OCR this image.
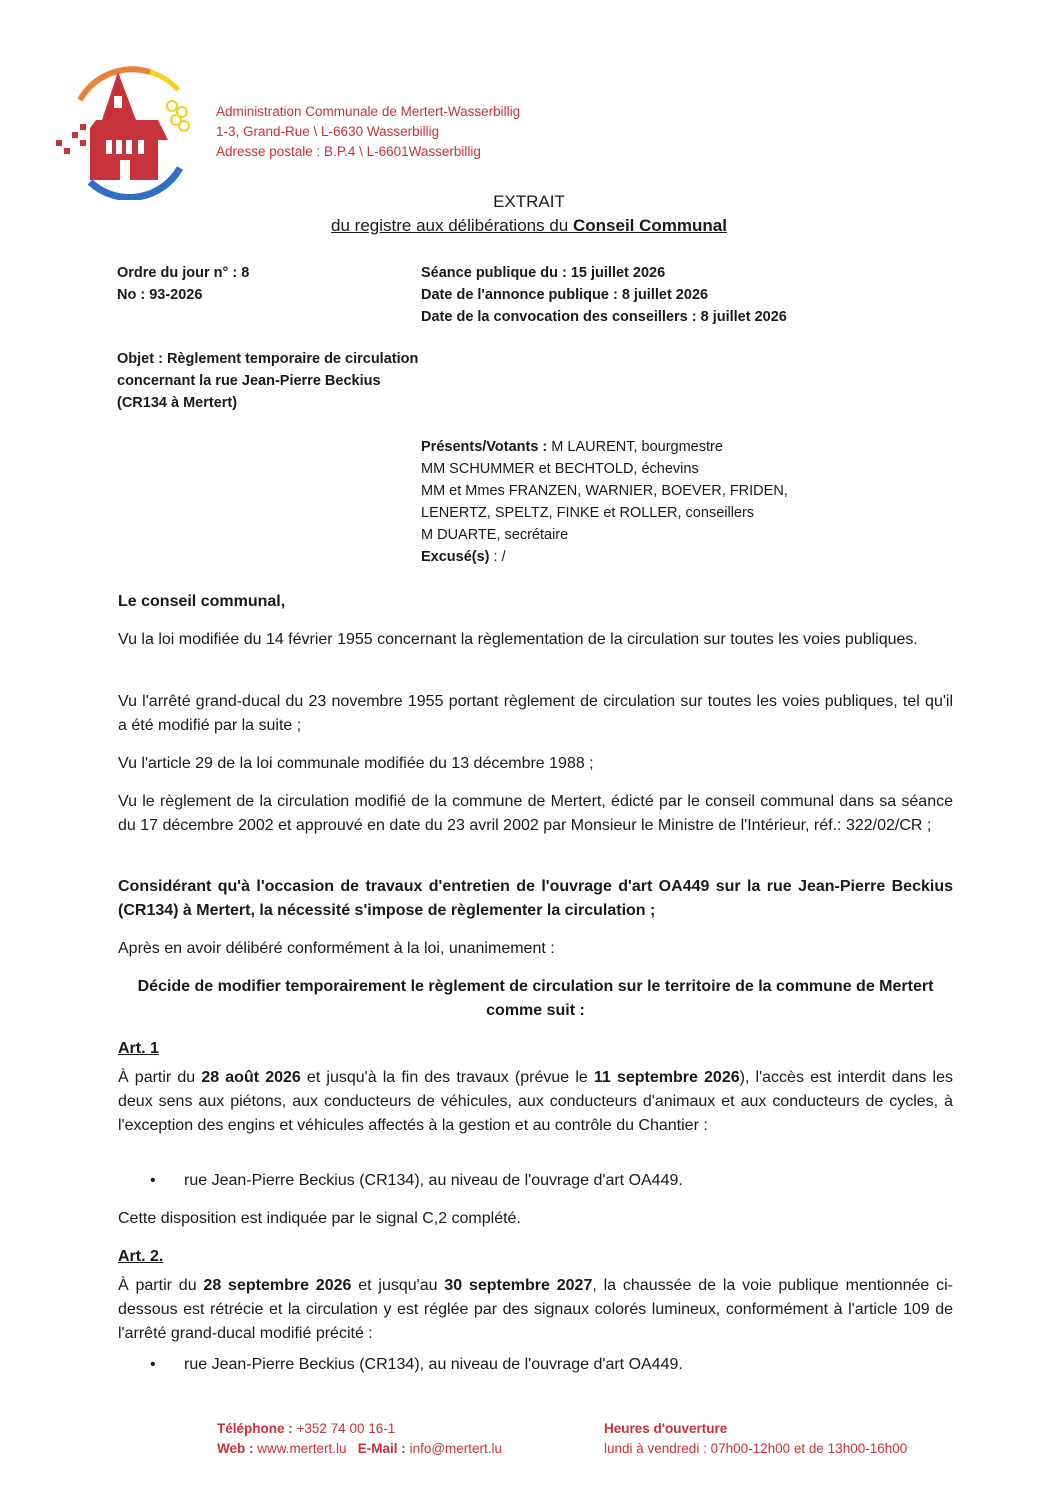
Administration Communale de Mertert-Wasserbillig
1-3, Grand-Rue \ L-6630 Wasserbillig
Adresse postale : B.P.4 \ L-6601Wasserbillig
EXTRAIT
du registre aux délibérations du Conseil Communal
Ordre du jour n° : 8
No : 93-2026
Séance publique du : 15 juillet 2026
Date de l'annonce publique : 8 juillet 2026
Date de la convocation des conseillers : 8 juillet 2026
Objet : Règlement temporaire de circulation concernant la rue Jean-Pierre Beckius (CR134 à Mertert)
Présents/Votants : M LAURENT, bourgmestre
MM SCHUMMER et BECHTOLD, échevins
MM et Mmes FRANZEN, WARNIER, BOEVER, FRIDEN,
LENERTZ, SPELTZ, FINKE et ROLLER, conseillers
M DUARTE, secrétaire
Excusé(s) : /
Le conseil communal,
Vu la loi modifiée du 14 février 1955 concernant la règlementation de la circulation sur toutes les voies publiques.
Vu l'arrêté grand-ducal du 23 novembre 1955 portant règlement de circulation sur toutes les voies publiques, tel qu'il a été modifié par la suite ;
Vu l'article 29 de la loi communale modifiée du 13 décembre 1988 ;
Vu le règlement de la circulation modifié de la commune de Mertert, édicté par le conseil communal dans sa séance du 17 décembre 2002 et approuvé en date du 23 avril 2002 par Monsieur le Ministre de l'Intérieur, réf.: 322/02/CR ;
Considérant qu'à l'occasion de travaux d'entretien de l'ouvrage d'art OA449 sur la rue Jean-Pierre Beckius (CR134) à Mertert, la nécessité s'impose de règlementer la circulation ;
Après en avoir délibéré conformément à la loi, unanimement :
Décide de modifier temporairement le règlement de circulation sur le territoire de la commune de Mertert comme suit :
Art. 1
À partir du 28 août 2026 et jusqu'à la fin des travaux (prévue le 11 septembre 2026), l'accès est interdit dans les deux sens aux piétons, aux conducteurs de véhicules, aux conducteurs d'animaux et aux conducteurs de cycles, à l'exception des engins et véhicules affectés à la gestion et au contrôle du Chantier :
• rue Jean-Pierre Beckius (CR134), au niveau de l'ouvrage d'art OA449.
Cette disposition est indiquée par le signal C,2 complété.
Art. 2.
À partir du 28 septembre 2026 et jusqu'au 30 septembre 2027, la chaussée de la voie publique mentionnée ci-dessous est rétrécie et la circulation y est réglée par des signaux colorés lumineux, conformément à l'article 109 de l'arrêté grand-ducal modifié précité :
• rue Jean-Pierre Beckius (CR134), au niveau de l'ouvrage d'art OA449.
Téléphone : +352 74 00 16-1
Web : www.mertert.lu E-Mail : info@mertert.lu
Heures d'ouverture
lundi à vendredi : 07h00-12h00 et de 13h00-16h00
